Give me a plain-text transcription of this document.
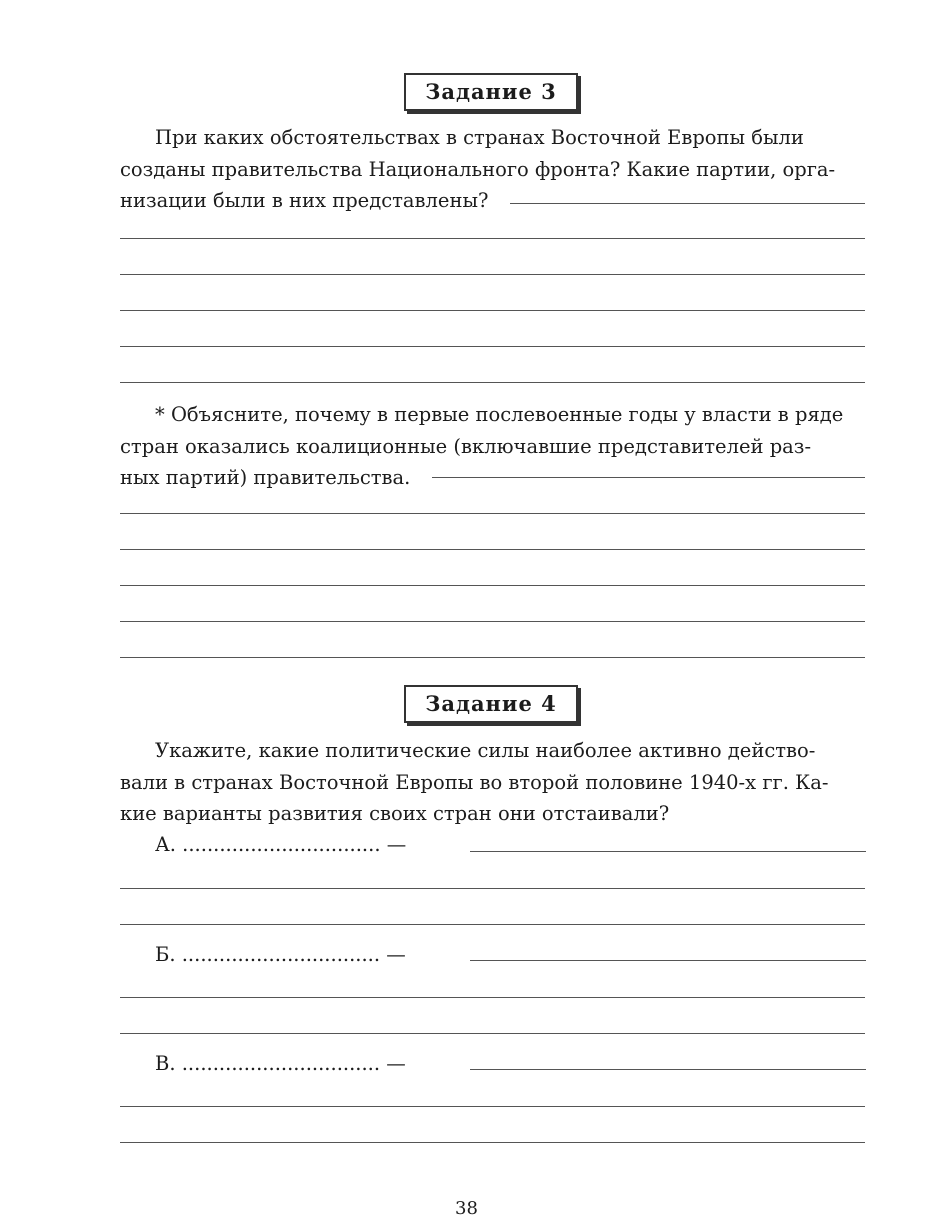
Задание 3
При каких обстоятельствах в странах Восточной Европы были
созданы правительства Национального фронта? Какие партии, орга-
низации были в них представлены?
* Объясните, почему в первые послевоенные годы у власти в ряде
стран оказались коалиционные (включавшие представителей раз-
ных партий) правительства.
Задание 4
Укажите, какие политические силы наиболее активно действо-
вали в странах Восточной Европы во второй половине 1940-х гг. Ка-
кие варианты развития своих стран они отстаивали?
А. ................................ —
Б. ................................ —
В. ................................ —
38
